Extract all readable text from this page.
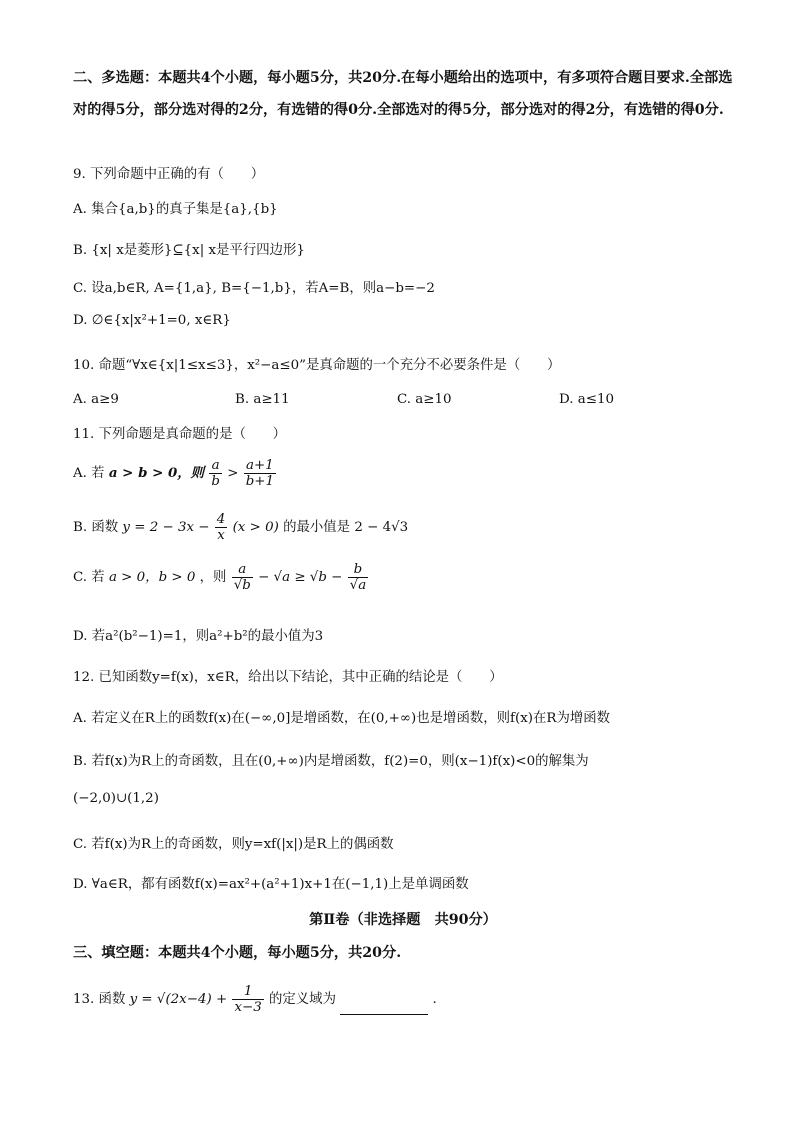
二、多选题：本题共4个小题，每小题5分，共20分.在每小题给出的选项中，有多项符合题目要求.全部选对的得5分，部分选对得的2分，有选错的得0分.全部选对的得5分，部分选对的得2分，有选错的得0分.

9. 下列命题中正确的有（　　）
A. 集合{a,b}的真子集是{a},{b}
B. {x| x是菱形}⊆{x| x是平行四边形}
C. 设a,b∈R, A={1,a}, B={−1,b}，若A=B，则a−b=−2
D. ∅∈{x|x²+1=0, x∈R}
10. 命题“∀x∈{x|1≤x≤3}，x²−a≤0”是真命题的一个充分不必要条件是（　　）
A. a≥9	B. a≥11	C. a≥10	D. a≤10
11. 下列命题是真命题的是（　　）
A. 若 a > b > 0，则 $\frac{a}{b} > \frac{a+1}{b+1}$
B. 函数 $y = 2 - 3x - \frac{4}{x} (x > 0)$ 的最小值是 2 − 4√3
C. 若 a > 0，b > 0 ，则 $\frac{a}{√b} - √a \ge √b - \frac{b}{√a}$
D. 若a²(b²−1)=1，则a²+b²的最小值为3
12. 已知函数y=f(x)，x∈R，给出以下结论，其中正确的结论是（　　）
A. 若定义在R上的函数f(x)在(−∞,0]是增函数，在(0,+∞)也是增函数，则f(x)在R为增函数
B. 若f(x)为R上的奇函数，且在(0,+∞)内是增函数，f(2)=0，则(x−1)f(x)<0的解集为
(−2,0)∪(1,2)
C. 若f(x)为R上的奇函数，则y=xf(|x|)是R上的偶函数
D. ∀a∈R，都有函数f(x)=ax²+(a²+1)x+1在(−1,1)上是单调函数
第Ⅱ卷（非选择题　共90分）
三、填空题：本题共4个小题，每小题5分，共20分.
13. 函数 $y = √(2x-4) + \frac{1}{x-3}$ 的定义域为	.
